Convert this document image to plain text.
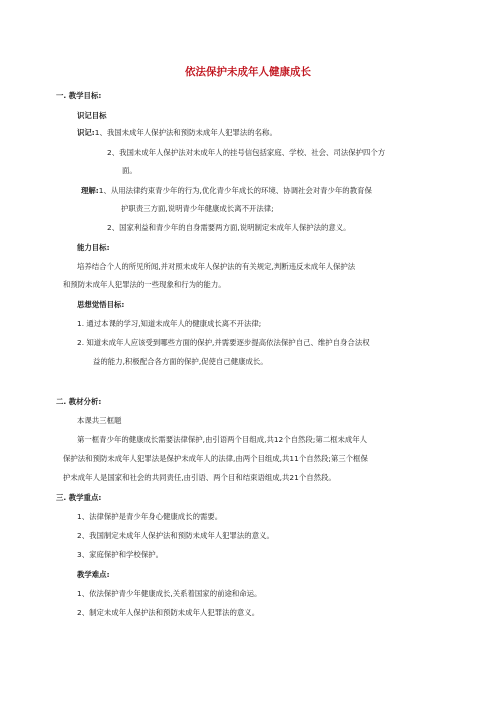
依法保护未成年人健康成长
一. 教学目标:
识记目标
识记:1、我国未成年人保护法和预防未成年人犯罪法的名称。
2、我国未成年人保护法对未成年人的挂号信包括家庭、学校、社会、司法保护四个方
面。
理解:1、从用法律约束青少年的行为,优化青少年成长的环境、协调社会对青少年的教育保
护职责三方面,说明青少年健康成长离不开法律;
2、国家利益和青少年的自身需要两方面,说明制定未成年人保护法的意义。
能力目标:
培养结合个人的所见所闻,并对照未成年人保护法的有关规定,判断违反未成年人保护法
和预防未成年人犯罪法的一些现象和行为的能力。
思想觉悟目标:
1. 通过本课的学习,知道未成年人的健康成长离不开法律;
2. 知道未成年人应该受到哪些方面的保护,并需要逐步提高依法保护自己、维护自身合法权
益的能力,积极配合各方面的保护,促使自己健康成长。
二. 教材分析:
本课共三框题
第一框青少年的健康成长需要法律保护,由引语两个目组成,共12个自然段;第二框未成年人
保护法和预防未成年人犯罪法是保护未成年人的法律,由两个目组成,共11个自然段;第三个框保
护未成年人是国家和社会的共同责任,由引语、两个目和结束语组成,共21个自然段。
三. 教学重点:
1、法律保护是青少年身心健康成长的需要。
2、我国制定未成年人保护法和预防未成年人犯罪法的意义。
3、家庭保护和学校保护。
教学难点:
1、依法保护青少年健康成长,关系着国家的前途和命运。
2、制定未成年人保护法和预防未成年人犯罪法的意义。
